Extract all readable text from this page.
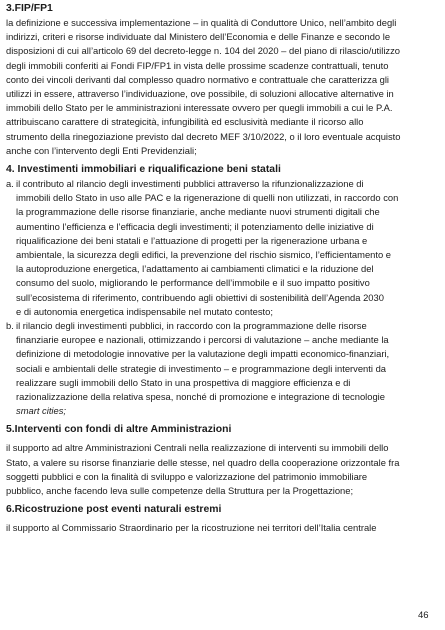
3.FIP/FP1

la definizione e successiva implementazione – in qualità di Conduttore Unico, nell’ambito degli
indirizzi, criteri e risorse individuate dal Ministero dell’Economia e delle Finanze e secondo le
disposizioni di cui all’articolo 69 del decreto-legge n. 104 del 2020 – del piano di rilascio/utilizzo
degli immobili conferiti ai Fondi FIP/FP1 in vista delle prossime scadenze contrattuali, tenuto
conto dei vincoli derivanti dal complesso quadro normativo e contrattuale che caratterizza gli
utilizzi in essere, attraverso l’individuazione, ove possibile, di soluzioni allocative alternative in
immobili dello Stato per le amministrazioni interessate ovvero per quegli immobili a cui le P.A.
attribuiscano carattere di strategicità, infungibilità ed esclusività mediante il ricorso allo
strumento della rinegoziazione previsto dal decreto MEF 3/10/2022, o il loro eventuale acquisto
anche con l’intervento degli Enti Previdenziali;

4. Investimenti immobiliari e riqualificazione beni statali

a. il contributo al rilancio degli investimenti pubblici attraverso la rifunzionalizzazione di
immobili dello Stato in uso alle PAC e la rigenerazione di quelli non utilizzati, in raccordo con
la programmazione delle risorse finanziarie, anche mediante nuovi strumenti digitali che
aumentino l’efficienza e l’efficacia degli investimenti; il potenziamento delle iniziative di
riqualificazione dei beni statali e l’attuazione di progetti per la rigenerazione urbana e
ambientale, la sicurezza degli edifici, la prevenzione del rischio sismico, l’efficientamento e
la autoproduzione energetica, l’adattamento ai cambiamenti climatici e la riduzione del
consumo del suolo, migliorando le performance dell’immobile e il suo impatto positivo
sull’ecosistema di riferimento, contribuendo agli obiettivi di sostenibilità dell’Agenda 2030
e di autonomia energetica indispensabile nel mutato contesto;
b. il rilancio degli investimenti pubblici, in raccordo con la programmazione delle risorse
finanziarie europee e nazionali, ottimizzando i percorsi di valutazione – anche mediante la
definizione di metodologie innovative per la valutazione degli impatti economico-finanziari,
sociali e ambientali delle strategie di investimento – e programmazione degli interventi da
realizzare sugli immobili dello Stato in una prospettiva di maggiore efficienza e di
razionalizzazione della relativa spesa, nonché di promozione e integrazione di tecnologie
smart cities;

5.Interventi con fondi di altre Amministrazioni

il supporto ad altre Amministrazioni Centrali nella realizzazione di interventi su immobili dello
Stato, a valere su risorse finanziarie delle stesse, nel quadro della cooperazione orizzontale fra
soggetti pubblici e con la finalità di sviluppo e valorizzazione del patrimonio immobiliare
pubblico, anche facendo leva sulle competenze della Struttura per la Progettazione;

6.Ricostruzione post eventi naturali estremi

il supporto al Commissario Straordinario per la ricostruzione nei territori dell’Italia centrale
46
